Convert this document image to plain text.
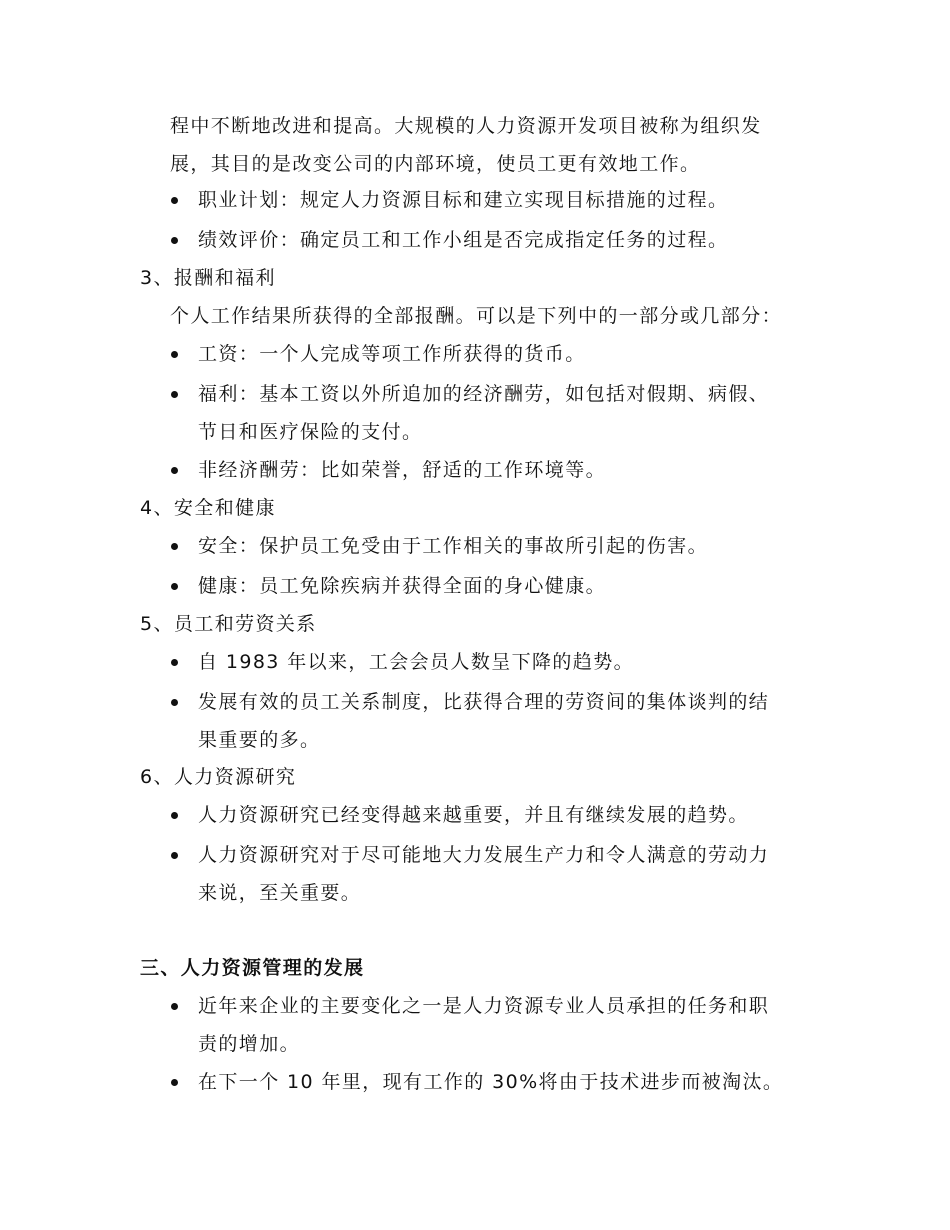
程中不断地改进和提高。大规模的人力资源开发项目被称为组织发
展，其目的是改变公司的内部环境，使员工更有效地工作。
职业计划：规定人力资源目标和建立实现目标措施的过程。
绩效评价：确定员工和工作小组是否完成指定任务的过程。
3、报酬和福利
个人工作结果所获得的全部报酬。可以是下列中的一部分或几部分：
工资：一个人完成等项工作所获得的货币。
福利：基本工资以外所追加的经济酬劳，如包括对假期、病假、
节日和医疗保险的支付。
非经济酬劳：比如荣誉，舒适的工作环境等。
4、安全和健康
安全：保护员工免受由于工作相关的事故所引起的伤害。
健康：员工免除疾病并获得全面的身心健康。
5、员工和劳资关系
自 1983 年以来，工会会员人数呈下降的趋势。
发展有效的员工关系制度，比获得合理的劳资间的集体谈判的结
果重要的多。
6、人力资源研究
人力资源研究已经变得越来越重要，并且有继续发展的趋势。
人力资源研究对于尽可能地大力发展生产力和令人满意的劳动力
来说，至关重要。
三、人力资源管理的发展
近年来企业的主要变化之一是人力资源专业人员承担的任务和职
责的增加。
在下一个 10 年里，现有工作的 30%将由于技术进步而被淘汰。
